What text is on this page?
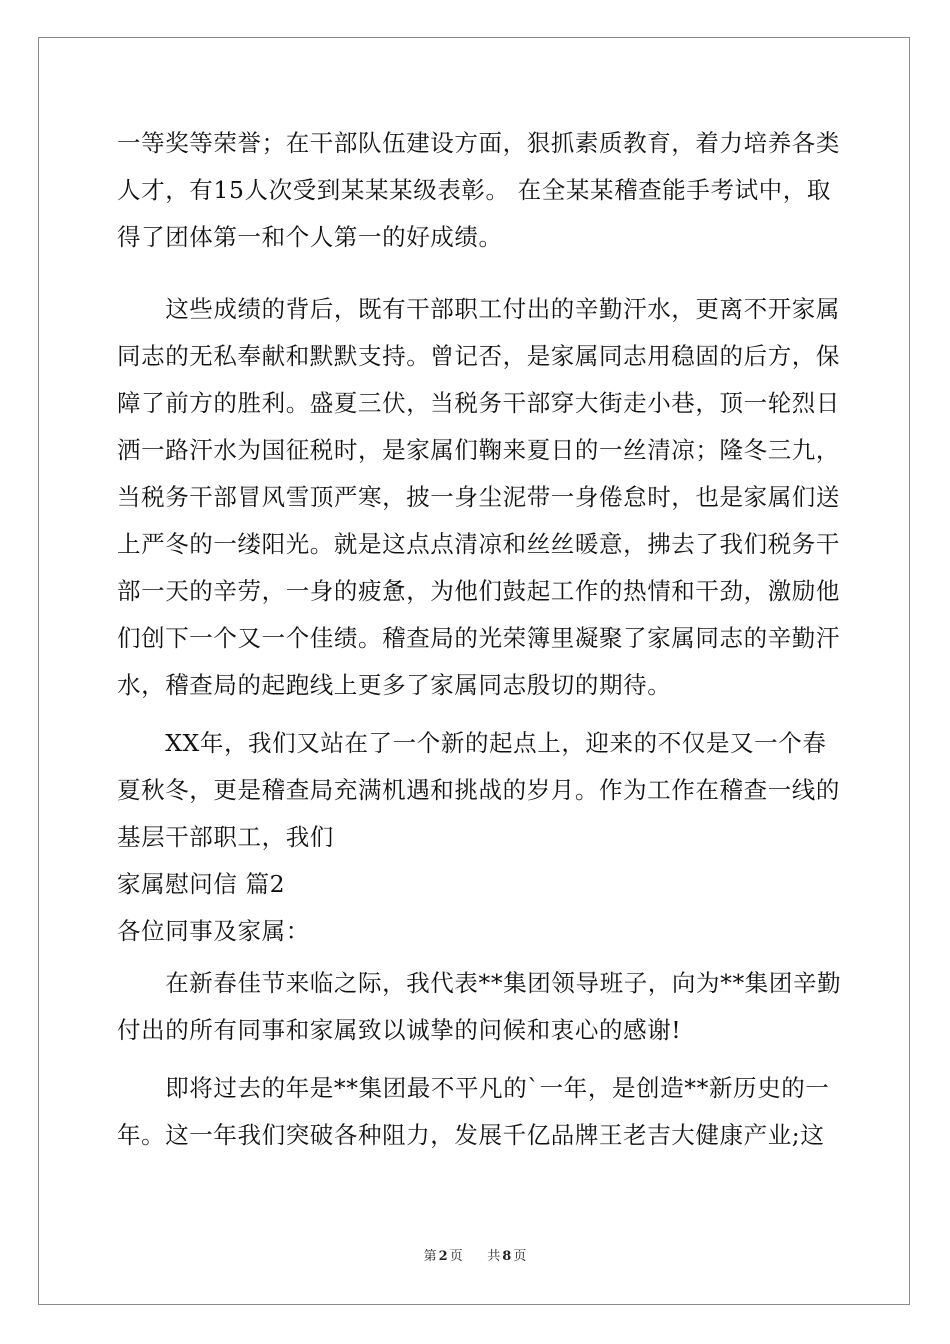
一等奖等荣誉；在干部队伍建设方面，狠抓素质教育，着力培养各类
人才，有15人次受到某某某级表彰。 在全某某稽查能手考试中，取
得了团体第一和个人第一的好成绩。
　　这些成绩的背后，既有干部职工付出的辛勤汗水，更离不开家属
同志的无私奉献和默默支持。曾记否，是家属同志用稳固的后方，保
障了前方的胜利。盛夏三伏，当税务干部穿大街走小巷，顶一轮烈日
洒一路汗水为国征税时，是家属们鞠来夏日的一丝清凉；隆冬三九，
当税务干部冒风雪顶严寒，披一身尘泥带一身倦怠时，也是家属们送
上严冬的一缕阳光。就是这点点清凉和丝丝暖意，拂去了我们税务干
部一天的辛劳，一身的疲惫，为他们鼓起工作的热情和干劲，激励他
们创下一个又一个佳绩。稽查局的光荣簿里凝聚了家属同志的辛勤汗
水，稽查局的起跑线上更多了家属同志殷切的期待。
　　XX年，我们又站在了一个新的起点上，迎来的不仅是又一个春
夏秋冬，更是稽查局充满机遇和挑战的岁月。作为工作在稽查一线的
基层干部职工，我们
家属慰问信 篇2
各位同事及家属：
　　在新春佳节来临之际，我代表**集团领导班子，向为**集团辛勤
付出的所有同事和家属致以诚挚的问候和衷心的感谢!
　　即将过去的年是**集团最不平凡的`一年，是创造**新历史的一
年。这一年我们突破各种阻力，发展千亿品牌王老吉大健康产业;这
第 2 页 共 8 页
